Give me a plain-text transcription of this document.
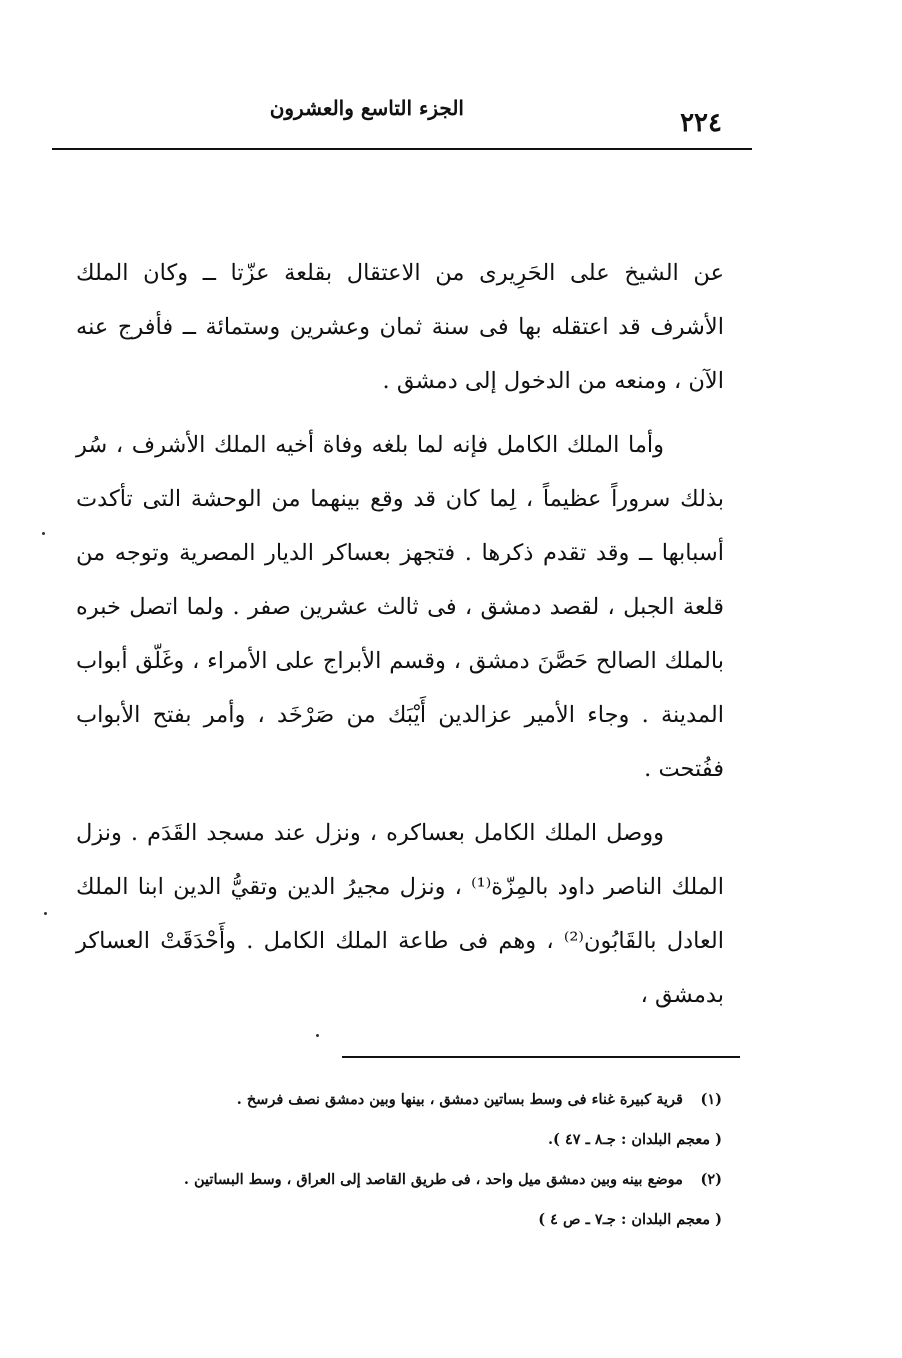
٢٢٤
الجزء التاسع والعشرون

عن الشيخ على الحَرِيرى من الاعتقال بقلعة عزّتا ــ وكان الملك الأشرف قد اعتقله بها فى سنة ثمان وعشرين وستمائة ــ فأفرج عنه الآن ، ومنعه من الدخول إلى دمشق .

وأما الملك الكامل فإنه لما بلغه وفاة أخيه الملك الأشرف ، سُر بذلك سروراً عظيماً ، لِما كان قد وقع بينهما من الوحشة التى تأكدت أسبابها ــ وقد تقدم ذكرها . فتجهز بعساكر الديار المصرية وتوجه من قلعة الجبل ، لقصد دمشق ، فى ثالث عشرين صفر . ولما اتصل خبره بالملك الصالح حَصَّنَ دمشق ، وقسم الأبراج على الأمراء ، وغَلّق أبواب المدينة . وجاء الأمير عزالدين أَيْبَك من صَرْخَد ، وأمر بفتح الأبواب ففُتحت .

ووصل الملك الكامل بعساكره ، ونزل عند مسجد القَدَم . ونزل الملك الناصر داود بالمِزّة⁽¹⁾ ، ونزل مجيرُ الدين وتقيُّ الدين ابنا الملك العادل بالقَابُون⁽²⁾ ، وهم فى طاعة الملك الكامل . وأَحْدَقَتْ العساكر بدمشق ،

(١) قرية كبيرة غناء فى وسط بساتين دمشق ، بينها وبين دمشق نصف فرسخ .
( معجم البلدان : جـ٨ ـ ٤٧ ).
(٢) موضع بينه وبين دمشق ميل واحد ، فى طريق القاصد إلى العراق ، وسط البساتين .
( معجم البلدان : جـ٧ ـ ص ٤ )
